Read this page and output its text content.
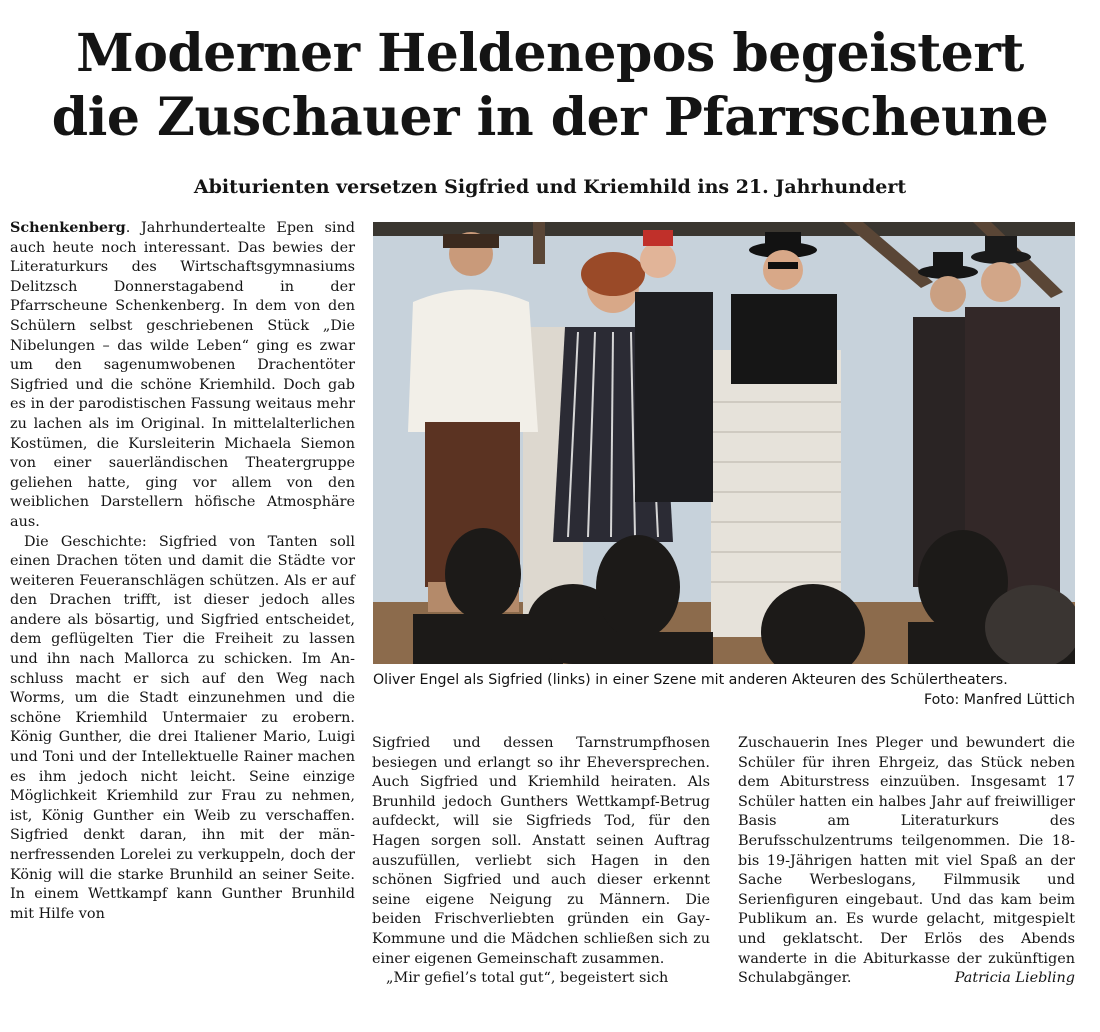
Moderner Heldenepos begeistert
die Zuschauer in der Pfarrscheune
Abiturienten versetzen Sigfried und Kriemhild ins 21. Jahrhundert

Schenkenberg. Jahrhundertealte Epen sind auch heute noch interessant. Das bewies der Literaturkurs des Wirtschaftsgymnasiums Delitzsch Donnerstagabend in der Pfarrscheune Schenkenberg. In dem von den Schülern selbst geschriebenen Stück „Die Nibelungen – das wilde Leben“ ging es zwar um den sagenumwobenen Drachentöter Sigfried und die schöne Kriemhild. Doch gab es in der parodistischen Fassung weitaus mehr zu lachen als im Original. In mittelalterlichen Kostümen, die Kursleiterin Michaela Siemon von einer sauerländischen Theatergruppe geliehen hatte, ging vor allem von den weiblichen Darstellern höfische Atmosphäre aus.

Die Geschichte: Sigfried von Tanten soll einen Drachen töten und damit die Städte vor weiteren Feueranschlägen schützen. Als er auf den Drachen trifft, ist dieser jedoch alles andere als bösartig, und Sigfried entscheidet, dem geflügelten Tier die Freiheit zu lassen und ihn nach Mallorca zu schicken. Im Anschluss macht er sich auf den Weg nach Worms, um die Stadt einzunehmen und die schöne Kriemhild Untermaier zu erobern. König Gunther, die drei Italiener Mario, Luigi und Toni und der Intellektuelle Rainer machen es ihm jedoch nicht leicht. Seine einzige Möglichkeit Kriemhild zur Frau zu nehmen, ist, König Gunther ein Weib zu verschaffen. Sigfried denkt daran, ihn mit der männerfressenden Lorelei zu verkuppeln, doch der König will die starke Brunhild an seiner Seite. In einem Wettkampf kann Gunther Brunhild mit Hilfe von

Oliver Engel als Sigfried (links) in einer Szene mit anderen Akteuren des Schülertheaters.
Foto: Manfred Lüttich

Sigfried und dessen Tarnstrumpfhosen besiegen und erlangt so ihr Eheversprechen. Auch Sigfried und Kriemhild heiraten. Als Brunhild jedoch Gunthers Wettkampf-Betrug aufdeckt, will sie Sigfrieds Tod, für den Hagen sorgen soll. Anstatt seinen Auftrag auszufüllen, verliebt sich Hagen in den schönen Sigfried und auch dieser erkennt seine eigene Neigung zu Männern. Die beiden Frischverliebten gründen ein Gay-Kommune und die Mädchen schließen sich zu einer eigenen Gemeinschaft zusammen.

„Mir gefiel’s total gut“, begeistert sich

Zuschauerin Ines Pleger und bewundert die Schüler für ihren Ehrgeiz, das Stück neben dem Abiturstress einzuüben. Insgesamt 17 Schüler hatten ein halbes Jahr auf freiwilliger Basis am Literaturkurs des Berufsschulzentrums teilgenommen. Die 18- bis 19-Jährigen hatten mit viel Spaß an der Sache Werbeslogans, Filmmusik und Serienfiguren eingebaut. Und das kam beim Publikum an. Es wurde gelacht, mitgespielt und geklatscht. Der Erlös des Abends wanderte in die Abiturkasse der zukünftigen Schulabgänger.	Patricia Liebling
